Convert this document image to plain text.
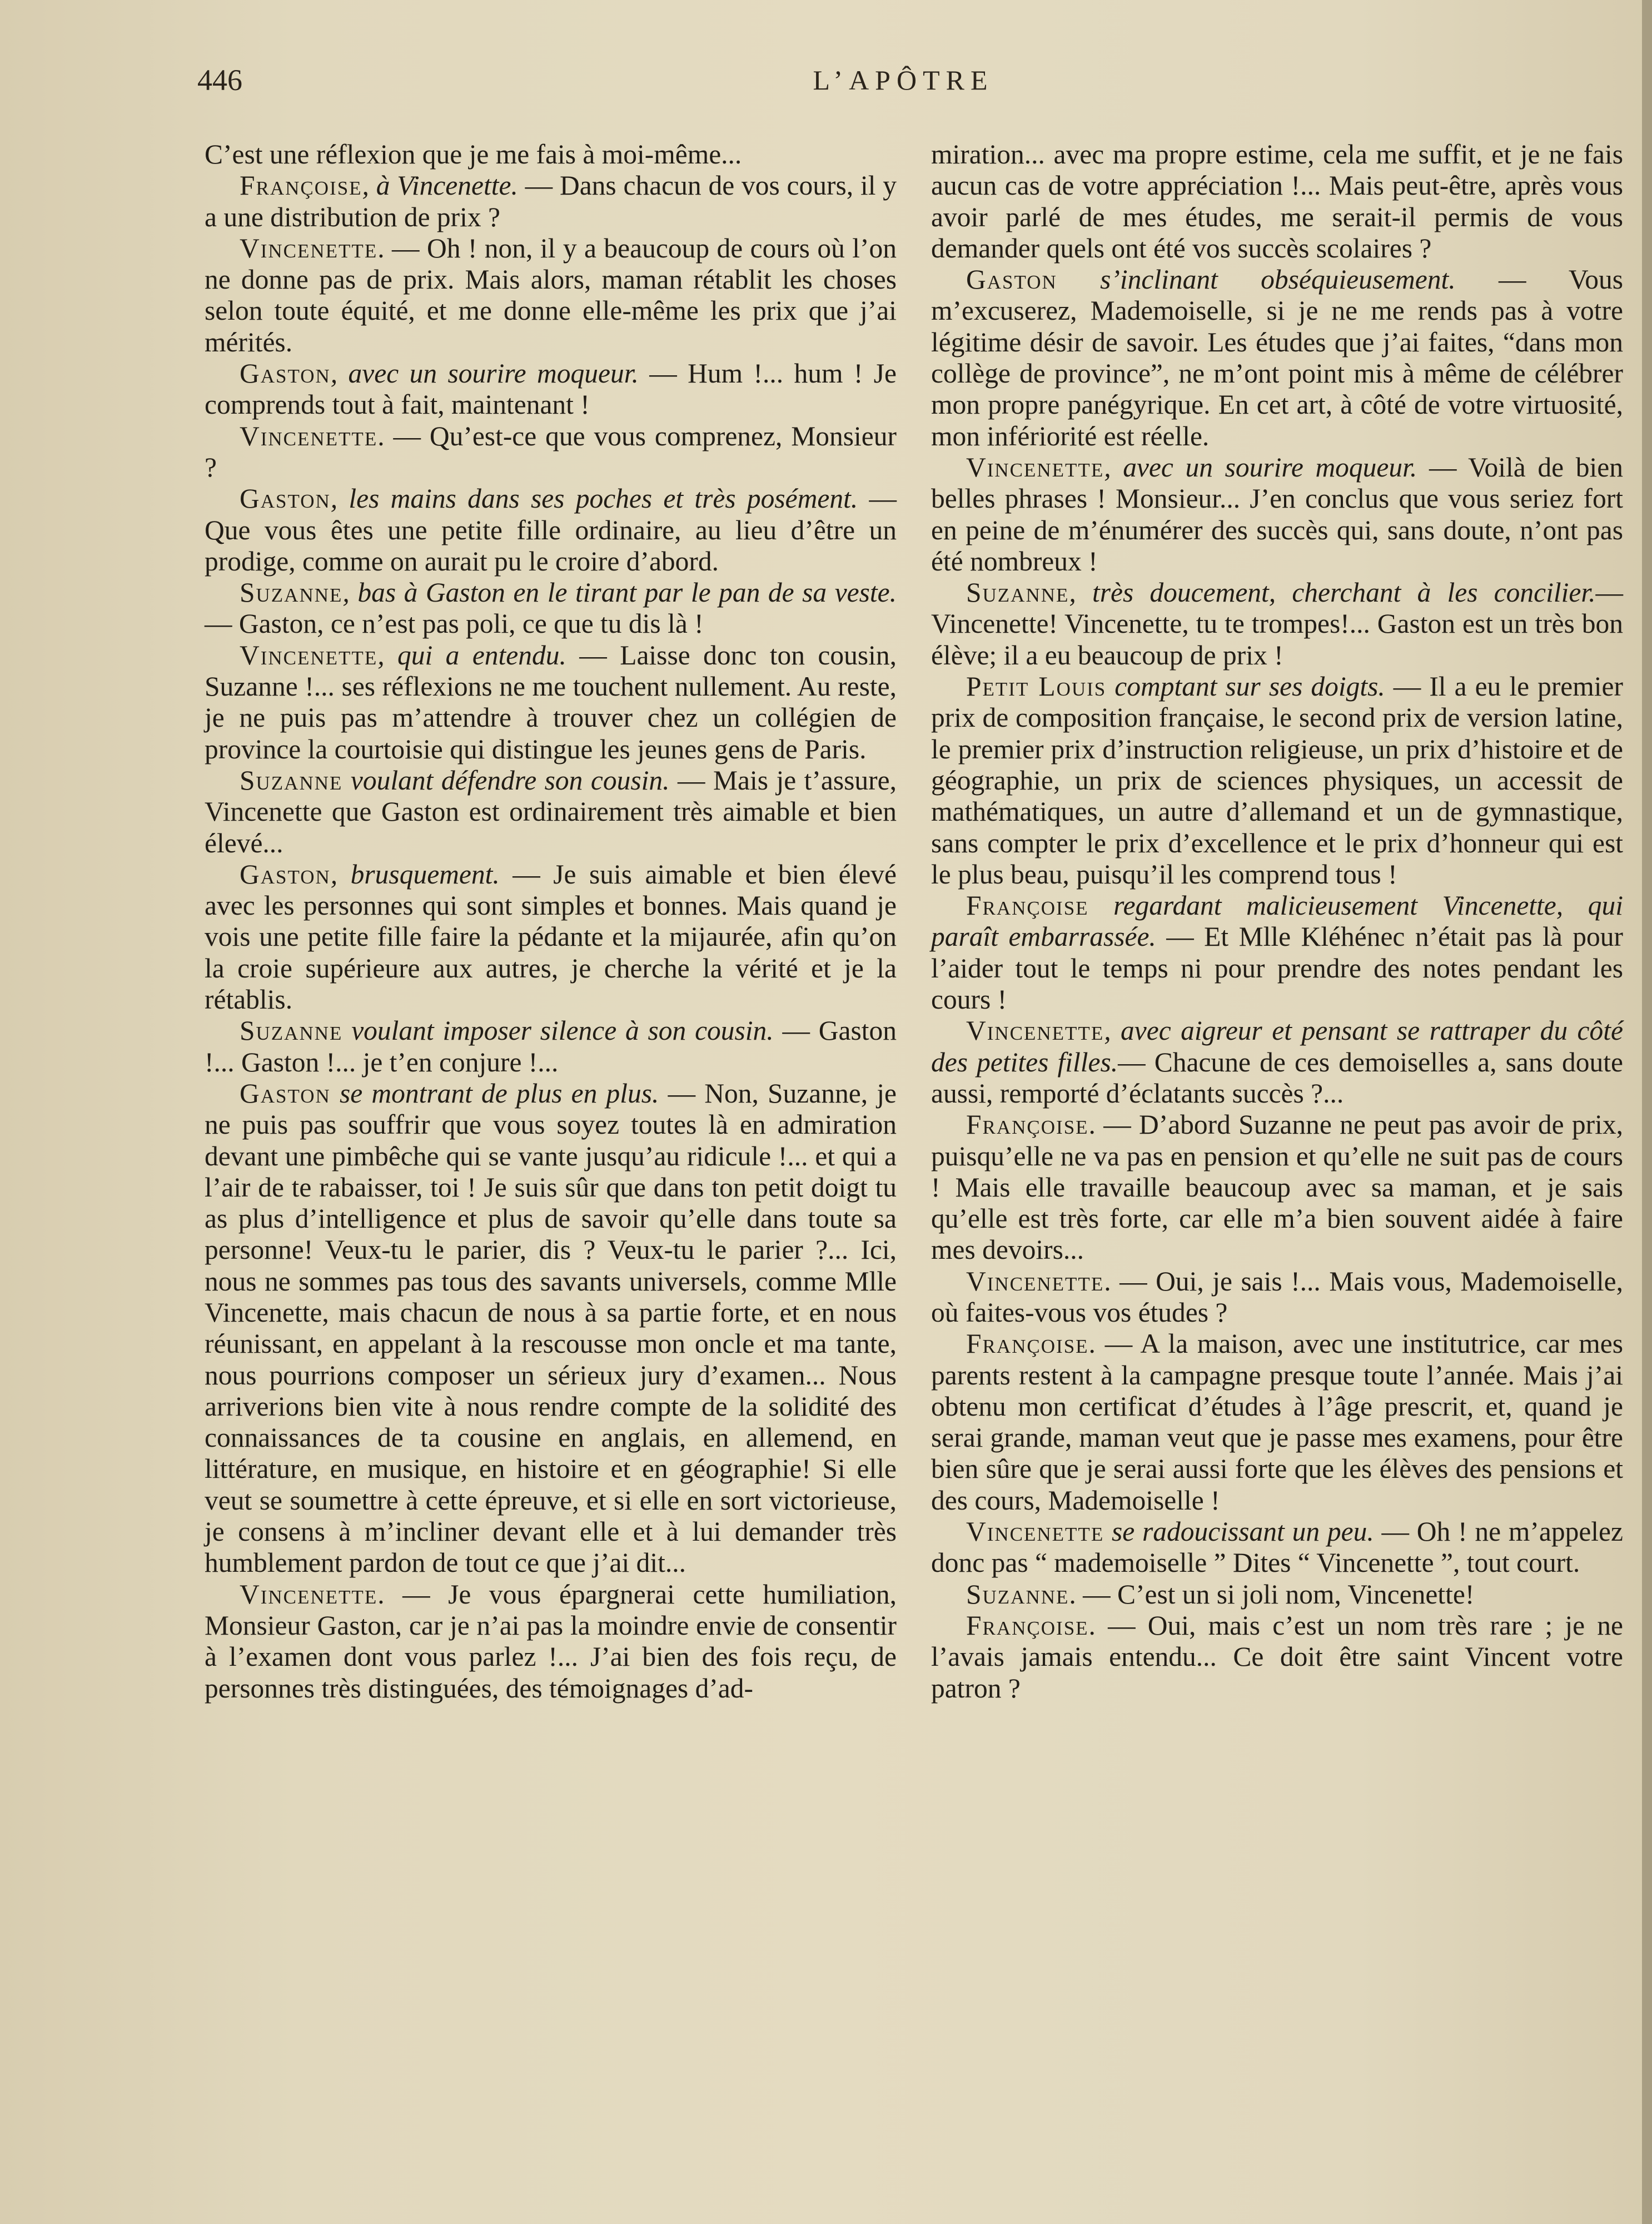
446	L’APÔTRE

C’est une réflexion que je me fais à moi-même...

Françoise, à Vincenette. — Dans chacun de vos cours, il y a une distribution de prix ?

Vincenette. — Oh ! non, il y a beaucoup de cours où l’on ne donne pas de prix. Mais alors, maman rétablit les choses selon toute équité, et me donne elle-même les prix que j’ai mérités.

Gaston, avec un sourire moqueur. — Hum !... hum ! Je comprends tout à fait, maintenant !

Vincenette. — Qu’est-ce que vous comprenez, Monsieur ?

Gaston, les mains dans ses poches et très posément. — Que vous êtes une petite fille ordinaire, au lieu d’être un prodige, comme on aurait pu le croire d’abord.

Suzanne, bas à Gaston en le tirant par le pan de sa veste. — Gaston, ce n’est pas poli, ce que tu dis là !

Vincenette, qui a entendu. — Laisse donc ton cousin, Suzanne !... ses réflexions ne me touchent nullement. Au reste, je ne puis pas m’attendre à trouver chez un collégien de province la courtoisie qui distingue les jeunes gens de Paris.

Suzanne voulant défendre son cousin. — Mais je t’assure, Vincenette que Gaston est ordinairement très aimable et bien élevé...

Gaston, brusquement. — Je suis aimable et bien élevé avec les personnes qui sont simples et bonnes. Mais quand je vois une petite fille faire la pédante et la mijaurée, afin qu’on la croie supérieure aux autres, je cherche la vérité et je la rétablis.

Suzanne voulant imposer silence à son cousin. — Gaston !... Gaston !... je t’en conjure !...

Gaston se montrant de plus en plus. — Non, Suzanne, je ne puis pas souffrir que vous soyez toutes là en admiration devant une pimbêche qui se vante jusqu’au ridicule !... et qui a l’air de te rabaisser, toi ! Je suis sûr que dans ton petit doigt tu as plus d’intelligence et plus de savoir qu’elle dans toute sa personne! Veux-tu le parier, dis ? Veux-tu le parier ?... Ici, nous ne sommes pas tous des savants universels, comme Mlle Vincenette, mais chacun de nous à sa partie forte, et en nous réunissant, en appelant à la rescousse mon oncle et ma tante, nous pourrions composer un sérieux jury d’examen... Nous arriverions bien vite à nous rendre compte de la solidité des connaissances de ta cousine en anglais, en allemend, en littérature, en musique, en histoire et en géographie! Si elle veut se soumettre à cette épreuve, et si elle en sort victorieuse, je consens à m’incliner devant elle et à lui demander très humblement pardon de tout ce que j’ai dit...

Vincenette. — Je vous épargnerai cette humiliation, Monsieur Gaston, car je n’ai pas la moindre envie de consentir à l’examen dont vous parlez !... J’ai bien des fois reçu, de personnes très distinguées, des témoignages d’ad-

miration... avec ma propre estime, cela me suffit, et je ne fais aucun cas de votre appréciation !... Mais peut-être, après vous avoir parlé de mes études, me serait-il permis de vous demander quels ont été vos succès scolaires ?

Gaston s’inclinant obséquieusement. — Vous m’excuserez, Mademoiselle, si je ne me rends pas à votre légitime désir de savoir. Les études que j’ai faites, “dans mon collège de province”, ne m’ont point mis à même de célébrer mon propre panégyrique. En cet art, à côté de votre virtuosité, mon infériorité est réelle.

Vincenette, avec un sourire moqueur. — Voilà de bien belles phrases ! Monsieur... J’en conclus que vous seriez fort en peine de m’énumérer des succès qui, sans doute, n’ont pas été nombreux !

Suzanne, très doucement, cherchant à les concilier.— Vincenette! Vincenette, tu te trompes!... Gaston est un très bon élève; il a eu beaucoup de prix !

Petit Louis comptant sur ses doigts. — Il a eu le premier prix de composition française, le second prix de version latine, le premier prix d’instruction religieuse, un prix d’histoire et de géographie, un prix de sciences physiques, un accessit de mathématiques, un autre d’allemand et un de gymnastique, sans compter le prix d’excellence et le prix d’honneur qui est le plus beau, puisqu’il les comprend tous !

Françoise regardant malicieusement Vincenette, qui paraît embarrassée. — Et Mlle Kléhénec n’était pas là pour l’aider tout le temps ni pour prendre des notes pendant les cours !

Vincenette, avec aigreur et pensant se rattraper du côté des petites filles.— Chacune de ces demoiselles a, sans doute aussi, remporté d’éclatants succès ?...

Françoise. — D’abord Suzanne ne peut pas avoir de prix, puisqu’elle ne va pas en pension et qu’elle ne suit pas de cours ! Mais elle travaille beaucoup avec sa maman, et je sais qu’elle est très forte, car elle m’a bien souvent aidée à faire mes devoirs...

Vincenette. — Oui, je sais !... Mais vous, Mademoiselle, où faites-vous vos études ?

Françoise. — A la maison, avec une institutrice, car mes parents restent à la campagne presque toute l’année. Mais j’ai obtenu mon certificat d’études à l’âge prescrit, et, quand je serai grande, maman veut que je passe mes examens, pour être bien sûre que je serai aussi forte que les élèves des pensions et des cours, Mademoiselle !

Vincenette se radoucissant un peu. — Oh ! ne m’appelez donc pas “ mademoiselle ” Dites “ Vincenette ”, tout court.

Suzanne. — C’est un si joli nom, Vincenette!

Françoise. — Oui, mais c’est un nom très rare ; je ne l’avais jamais entendu... Ce doit être saint Vincent votre patron ?
